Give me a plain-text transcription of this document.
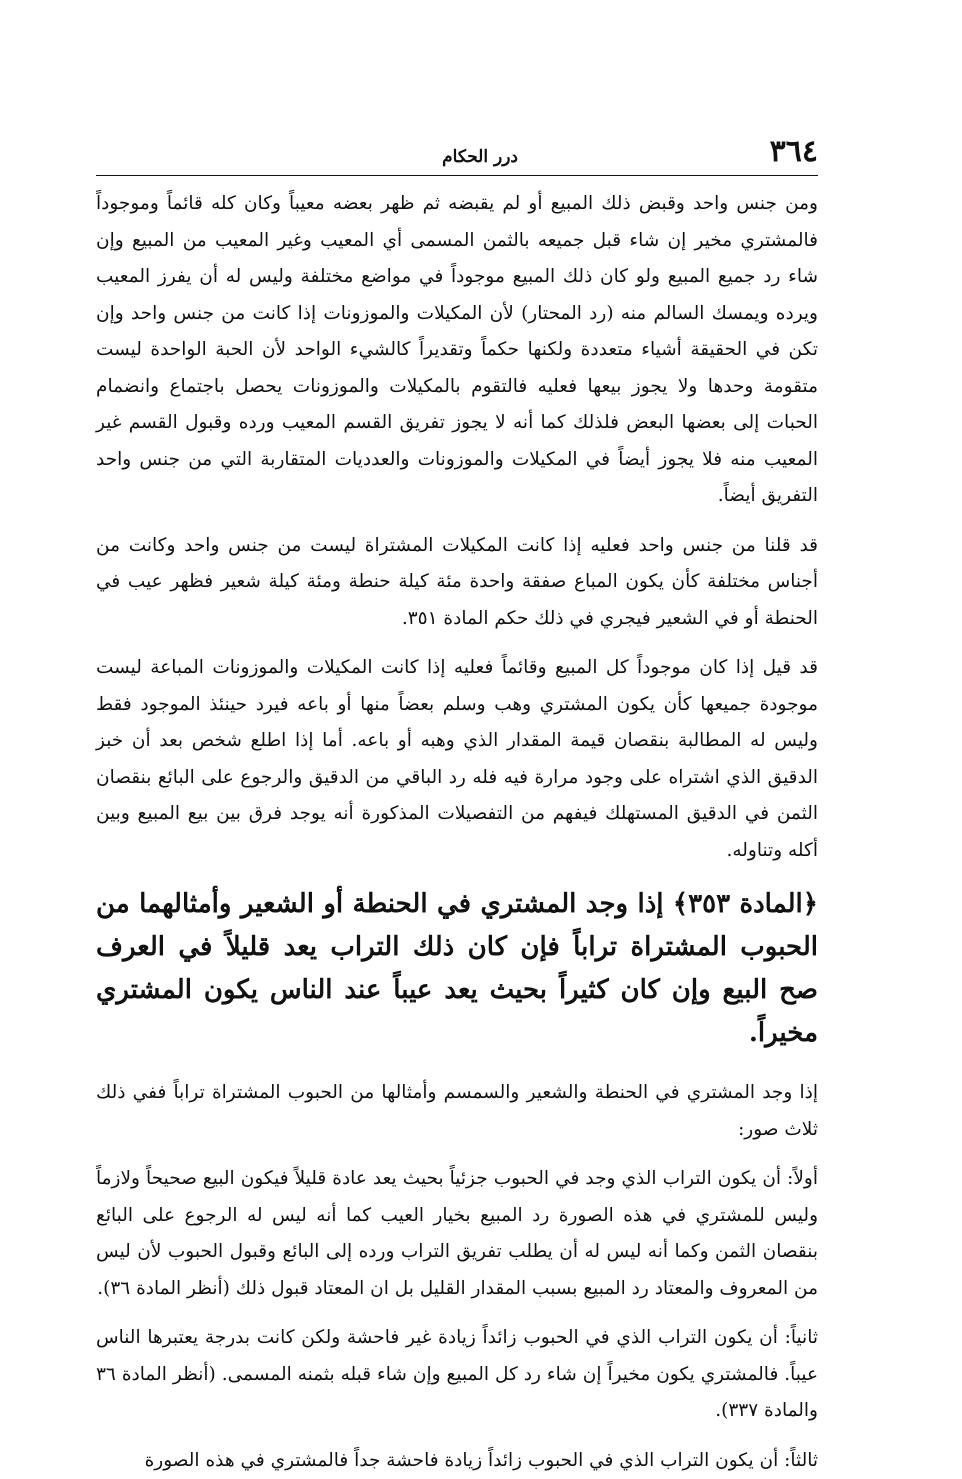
٣٦٤
درر الحكام

ومن جنس واحد وقبض ذلك المبيع أو لم يقبضه ثم ظهر بعضه معيباً وكان كله قائماً وموجوداً فالمشتري مخير إن شاء قبل جميعه بالثمن المسمى أي المعيب وغير المعيب من المبيع وإن شاء رد جميع المبيع ولو كان ذلك المبيع موجوداً في مواضع مختلفة وليس له أن يفرز المعيب ويرده ويمسك السالم منه (رد المحتار) لأن المكيلات والموزونات إذا كانت من جنس واحد وإن تكن في الحقيقة أشياء متعددة ولكنها حكماً وتقديراً كالشيء الواحد لأن الحبة الواحدة ليست متقومة وحدها ولا يجوز بيعها فعليه فالتقوم بالمكيلات والموزونات يحصل باجتماع وانضمام الحبات إلى بعضها البعض فلذلك كما أنه لا يجوز تفريق القسم المعيب ورده وقبول القسم غير المعيب منه فلا يجوز أيضاً في المكيلات والموزونات والعدديات المتقاربة التي من جنس واحد التفريق أيضاً.

قد قلنا من جنس واحد فعليه إذا كانت المكيلات المشتراة ليست من جنس واحد وكانت من أجناس مختلفة كأن يكون المباع صفقة واحدة مئة كيلة حنطة ومئة كيلة شعير فظهر عيب في الحنطة أو في الشعير فيجري في ذلك حكم المادة ٣٥١.

قد قيل إذا كان موجوداً كل المبيع وقائماً فعليه إذا كانت المكيلات والموزونات المباعة ليست موجودة جميعها كأن يكون المشتري وهب وسلم بعضاً منها أو باعه فيرد حينئذ الموجود فقط وليس له المطالبة بنقصان قيمة المقدار الذي وهبه أو باعه. أما إذا اطلع شخص بعد أن خبز الدقيق الذي اشتراه على وجود مرارة فيه فله رد الباقي من الدقيق والرجوع على البائع بنقصان الثمن في الدقيق المستهلك فيفهم من التفصيلات المذكورة أنه يوجد فرق بين بيع المبيع وبين أكله وتناوله.

﴿المادة ٣٥٣﴾ إذا وجد المشتري في الحنطة أو الشعير وأمثالهما من الحبوب المشتراة تراباً فإن كان ذلك التراب يعد قليلاً في العرف صح البيع وإن كان كثيراً بحيث يعد عيباً عند الناس يكون المشتري مخيراً.

إذا وجد المشتري في الحنطة والشعير والسمسم وأمثالها من الحبوب المشتراة تراباً ففي ذلك ثلاث صور:

أولاً: أن يكون التراب الذي وجد في الحبوب جزئياً بحيث يعد عادة قليلاً فيكون البيع صحيحاً ولازماً وليس للمشتري في هذه الصورة رد المبيع بخيار العيب كما أنه ليس له الرجوع على البائع بنقصان الثمن وكما أنه ليس له أن يطلب تفريق التراب ورده إلى البائع وقبول الحبوب لأن ليس من المعروف والمعتاد رد المبيع بسبب المقدار القليل بل ان المعتاد قبول ذلك (أنظر المادة ٣٦).

ثانياً: أن يكون التراب الذي في الحبوب زائداً زيادة غير فاحشة ولكن كانت بدرجة يعتبرها الناس عيباً. فالمشتري يكون مخيراً إن شاء رد كل المبيع وإن شاء قبله بثمنه المسمى. (أنظر المادة ٣٦ والمادة ٣٣٧).

ثالثاً: أن يكون التراب الذي في الحبوب زائداً زيادة فاحشة جداً فالمشتري في هذه الصورة
